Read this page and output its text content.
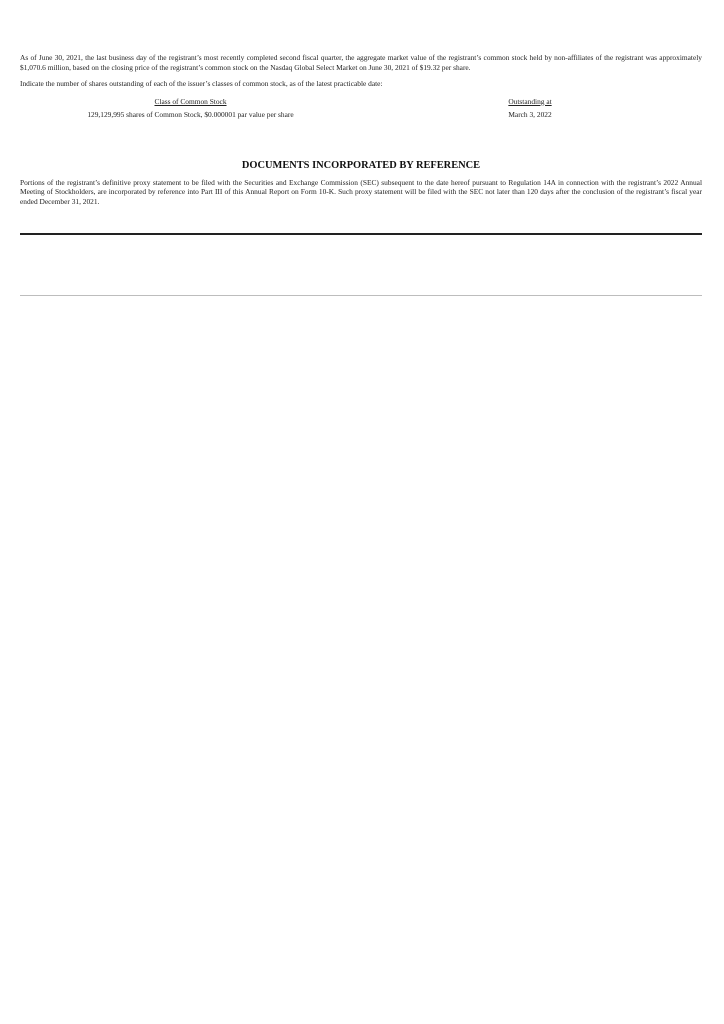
As of June 30, 2021, the last business day of the registrant’s most recently completed second fiscal quarter, the aggregate market value of the registrant’s common stock held by non-affiliates of the registrant was approximately $1,070.6 million, based on the closing price of the registrant’s common stock on the Nasdaq Global Select Market on June 30, 2021 of $19.32 per share.

Indicate the number of shares outstanding of each of the issuer’s classes of common stock, as of the latest practicable date:

Class of Common Stock	Outstanding at
129,129,995 shares of Common Stock, $0.000001 par value per share	March 3, 2022
DOCUMENTS INCORPORATED BY REFERENCE

Portions of the registrant’s definitive proxy statement to be filed with the Securities and Exchange Commission (SEC) subsequent to the date hereof pursuant to Regulation 14A in connection with the registrant’s 2022 Annual Meeting of Stockholders, are incorporated by reference into Part III of this Annual Report on Form 10-K. Such proxy statement will be filed with the SEC not later than 120 days after the conclusion of the registrant’s fiscal year ended December 31, 2021.
